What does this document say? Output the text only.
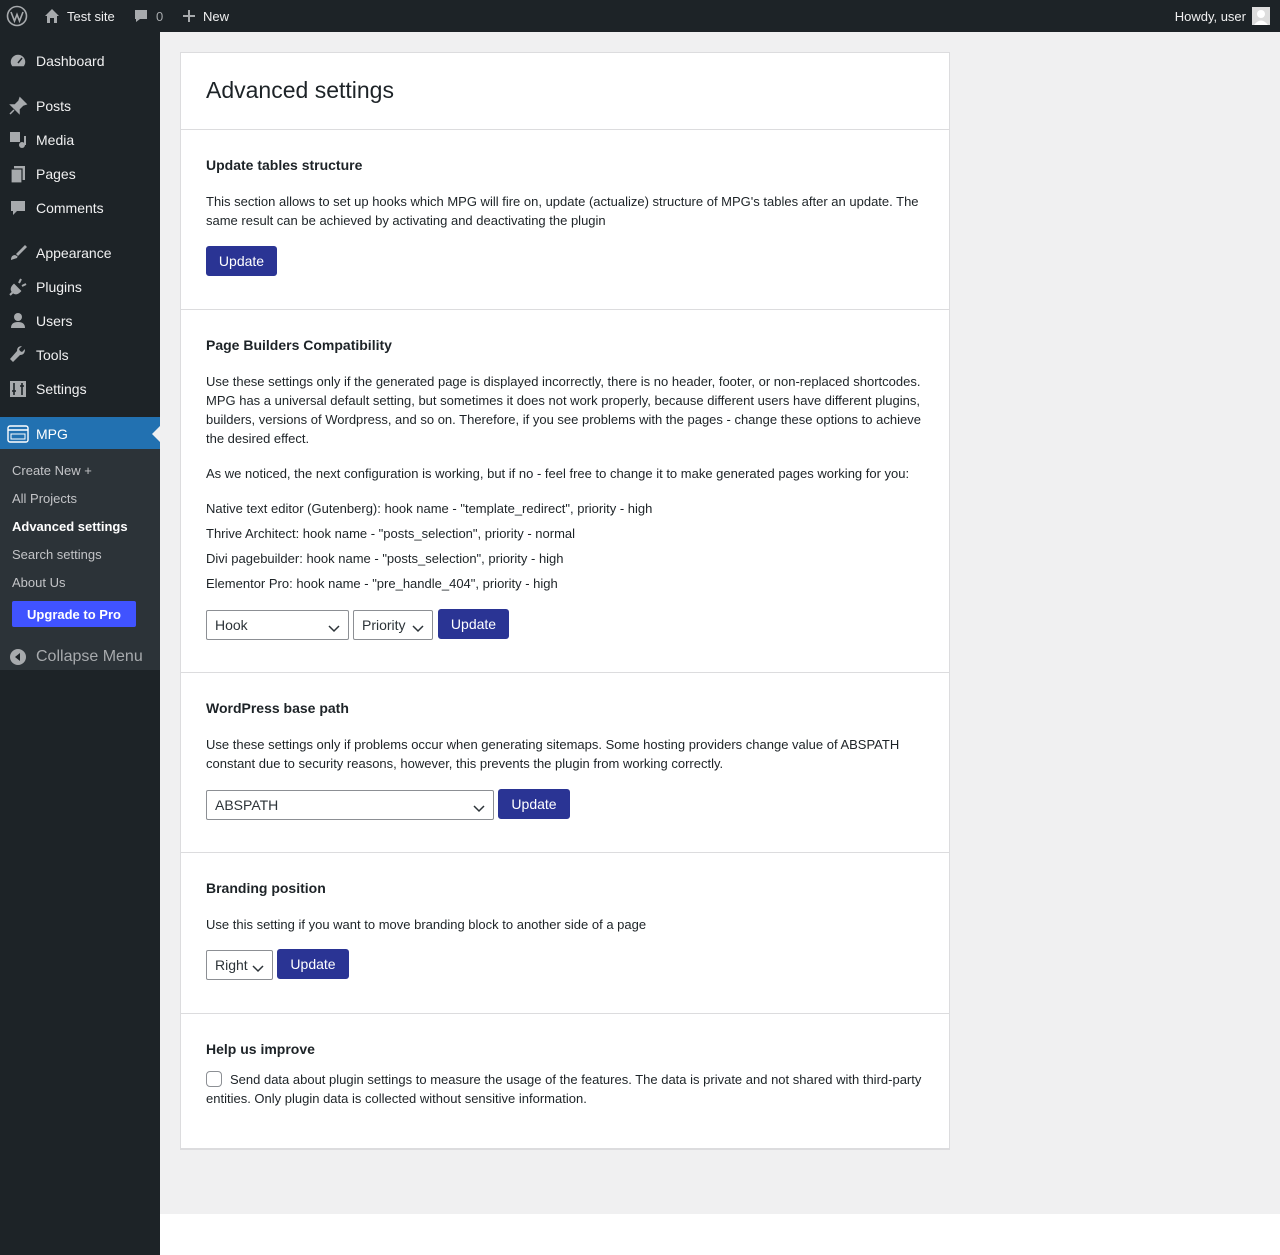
Test site	0	New	Howdy, user
Dashboard
Posts
Media
Pages
Comments
Appearance
Plugins
Users
Tools
Settings
MPG
Create New +
All Projects
Advanced settings
Search settings
About Us
Upgrade to Pro
Collapse Menu
Advanced settings
Update tables structure

This section allows to set up hooks which MPG will fire on, update (actualize) structure of MPG's tables after an update. The same result can be achieved by activating and deactivating the plugin

Update
Page Builders Compatibility

Use these settings only if the generated page is displayed incorrectly, there is no header, footer, or non-replaced shortcodes. MPG has a universal default setting, but sometimes it does not work properly, because different users have different plugins, builders, versions of Wordpress, and so on. Therefore, if you see problems with the pages - change these options to achieve the desired effect.

As we noticed, the next configuration is working, but if no - feel free to change it to make generated pages working for you:

Native text editor (Gutenberg): hook name - "template_redirect", priority - high

Thrive Architect: hook name - "posts_selection", priority - normal

Divi pagebuilder: hook name - "posts_selection", priority - high

Elementor Pro: hook name - "pre_handle_404", priority - high

Hook	Priority	Update
WordPress base path

Use these settings only if problems occur when generating sitemaps. Some hosting providers change value of ABSPATH constant due to security reasons, however, this prevents the plugin from working correctly.

ABSPATH	Update
Branding position

Use this setting if you want to move branding block to another side of a page

Right	Update
Help us improve

Send data about plugin settings to measure the usage of the features. The data is private and not shared with third-party entities. Only plugin data is collected without sensitive information.
